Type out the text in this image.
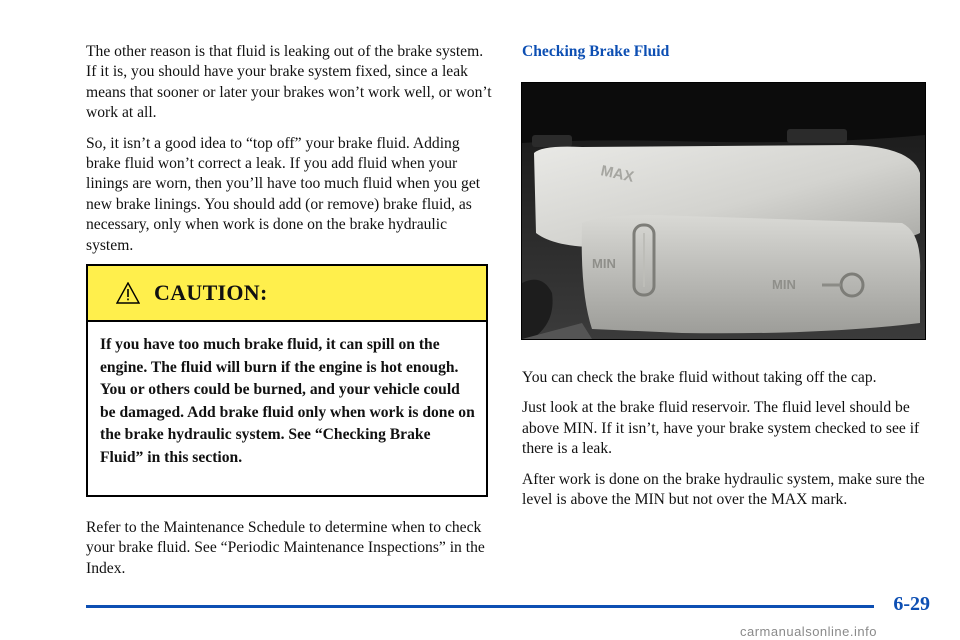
The other reason is that fluid is leaking out of the brake system. If it is, you should have your brake system fixed, since a leak means that sooner or later your brakes won’t work well, or won’t work at all.

So, it isn’t a good idea to “top off” your brake fluid. Adding brake fluid won’t correct a leak. If you add fluid when your linings are worn, then you’ll have too much fluid when you get new brake linings. You should add (or remove) brake fluid, as necessary, only when work is done on the brake hydraulic system.

CAUTION:
If you have too much brake fluid, it can spill on the engine. The fluid will burn if the engine is hot enough. You or others could be burned, and your vehicle could be damaged. Add brake fluid only when work is done on the brake hydraulic system. See “Checking Brake Fluid” in this section.

Refer to the Maintenance Schedule to determine when to check your brake fluid. See “Periodic Maintenance Inspections” in the Index.

Checking Brake Fluid
MAX
MIN
MIN

You can check the brake fluid without taking off the cap.

Just look at the brake fluid reservoir. The fluid level should be above MIN. If it isn’t, have your brake system checked to see if there is a leak.

After work is done on the brake hydraulic system, make sure the level is above the MIN but not over the MAX mark.

6-29
carmanualsonline.info
